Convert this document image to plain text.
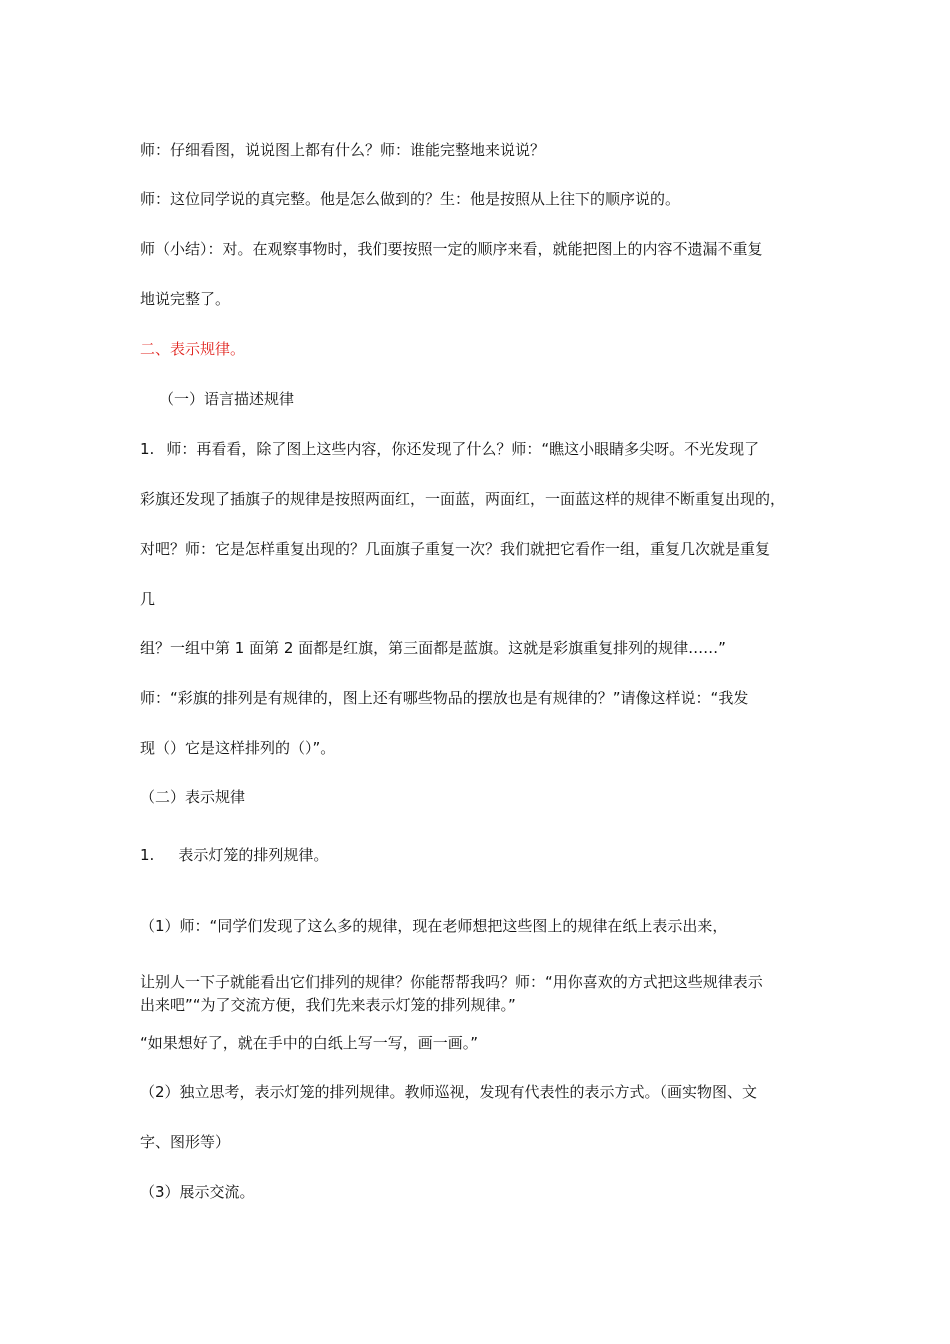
师：仔细看图，说说图上都有什么？师：谁能完整地来说说？

师：这位同学说的真完整。他是怎么做到的？生：他是按照从上往下的顺序说的。

师（小结）：对。在观察事物时，我们要按照一定的顺序来看，就能把图上的内容不遗漏不重复

地说完整了。

二、表示规律。

（一）语言描述规律

1. 师：再看看，除了图上这些内容，你还发现了什么？师：“瞧这小眼睛多尖呀。不光发现了

彩旗还发现了插旗子的规律是按照两面红，一面蓝，两面红，一面蓝这样的规律不断重复出现的，

对吧？师：它是怎样重复出现的？几面旗子重复一次？我们就把它看作一组，重复几次就是重复

几

组？一组中第 1 面第 2 面都是红旗，第三面都是蓝旗。这就是彩旗重复排列的规律……”

师：“彩旗的排列是有规律的，图上还有哪些物品的摆放也是有规律的？”请像这样说：“我发

现（）它是这样排列的（）”。

（二）表示规律

1. 表示灯笼的排列规律。

（1）师：“同学们发现了这么多的规律，现在老师想把这些图上的规律在纸上表示出来，

让别人一下子就能看出它们排列的规律？你能帮帮我吗？师：“用你喜欢的方式把这些规律表示

出来吧”“为了交流方便，我们先来表示灯笼的排列规律。”

“如果想好了，就在手中的白纸上写一写，画一画。”

（2）独立思考，表示灯笼的排列规律。教师巡视，发现有代表性的表示方式。（画实物图、文

字、图形等）

（3）展示交流。
